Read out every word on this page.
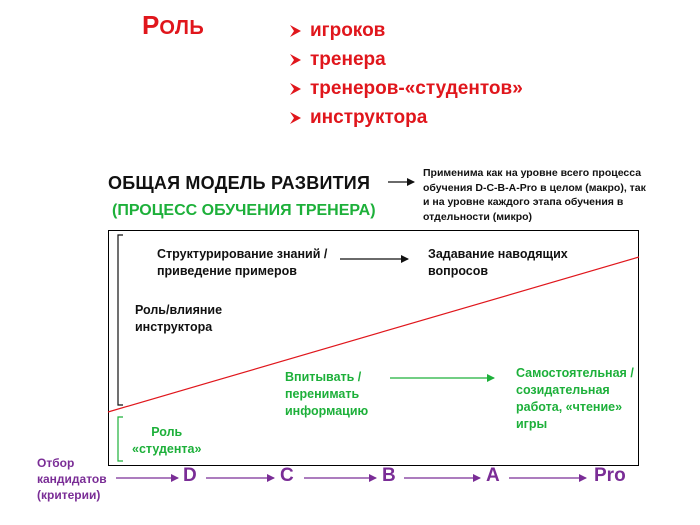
РОЛЬ	игроков
тренера
тренеров-«студентов»
инструктора
ОБЩАЯ МОДЕЛЬ РАЗВИТИЯ
(ПРОЦЕСС ОБУЧЕНИЯ ТРЕНЕРА)
Применима как на уровне всего процесса
обучения D-C-B-A-Pro в целом (макро), так
и на уровне каждого этапа обучения в
отдельности (микро)
Структурирование знаний /
приведение примеров
Задавание наводящих
вопросов
Роль/влияние
инструктора
Впитывать /
перенимать
информацию
Самостоятельная /
созидательная
работа, «чтение»
игры
Роль
«студента»
Отбор
кандидатов
(критерии)
D	C	B	A	Pro
